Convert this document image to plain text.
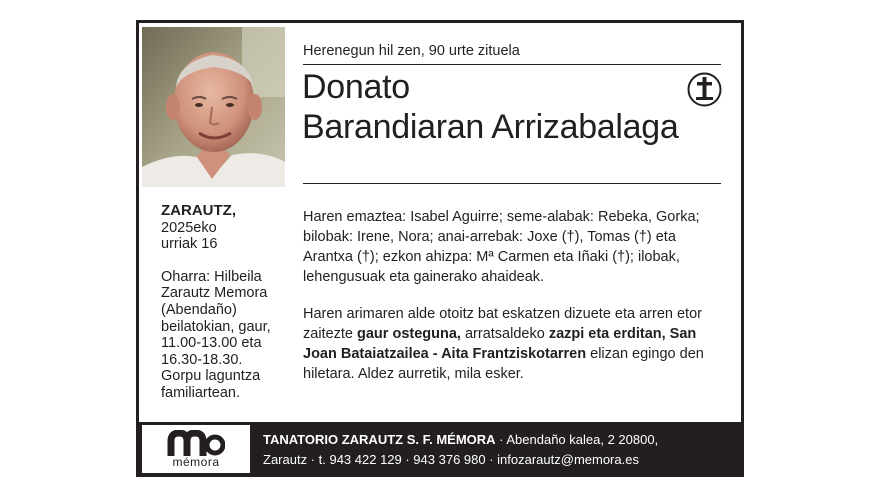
Herenegun hil zen, 90 urte zituela
Donato
Barandiaran Arrizabalaga
ZARAUTZ,
2025eko
urriak 16
Oharra: Hilbeila
Zarautz Memora
(Abendaño)
beilatokian, gaur,
11.00-13.00 eta
16.30-18.30.
Gorpu laguntza
familiartean.

Haren emaztea: Isabel Aguirre; seme-alabak: Rebeka, Gorka; bilobak: Irene, Nora; anai-arrebak: Joxe (†), Tomas (†) eta Arantxa (†); ezkon ahizpa: Mª Carmen eta Iñaki (†); ilobak, lehengusuak eta gainerako ahaideak.

Haren arimaren alde otoitz bat eskatzen dizuete eta arren etor zaitezte gaur osteguna, arratsaldeko zazpi eta erditan, San Joan Bataiatzailea - Aita Frantziskotarren elizan egingo den hiletara. Aldez aurretik, mila esker.

mémora
TANATORIO ZARAUTZ S. F. MÉMORA · Abendaño kalea, 2 20800,
Zarautz · t. 943 422 129 · 943 376 980 · infozarautz@memora.es
